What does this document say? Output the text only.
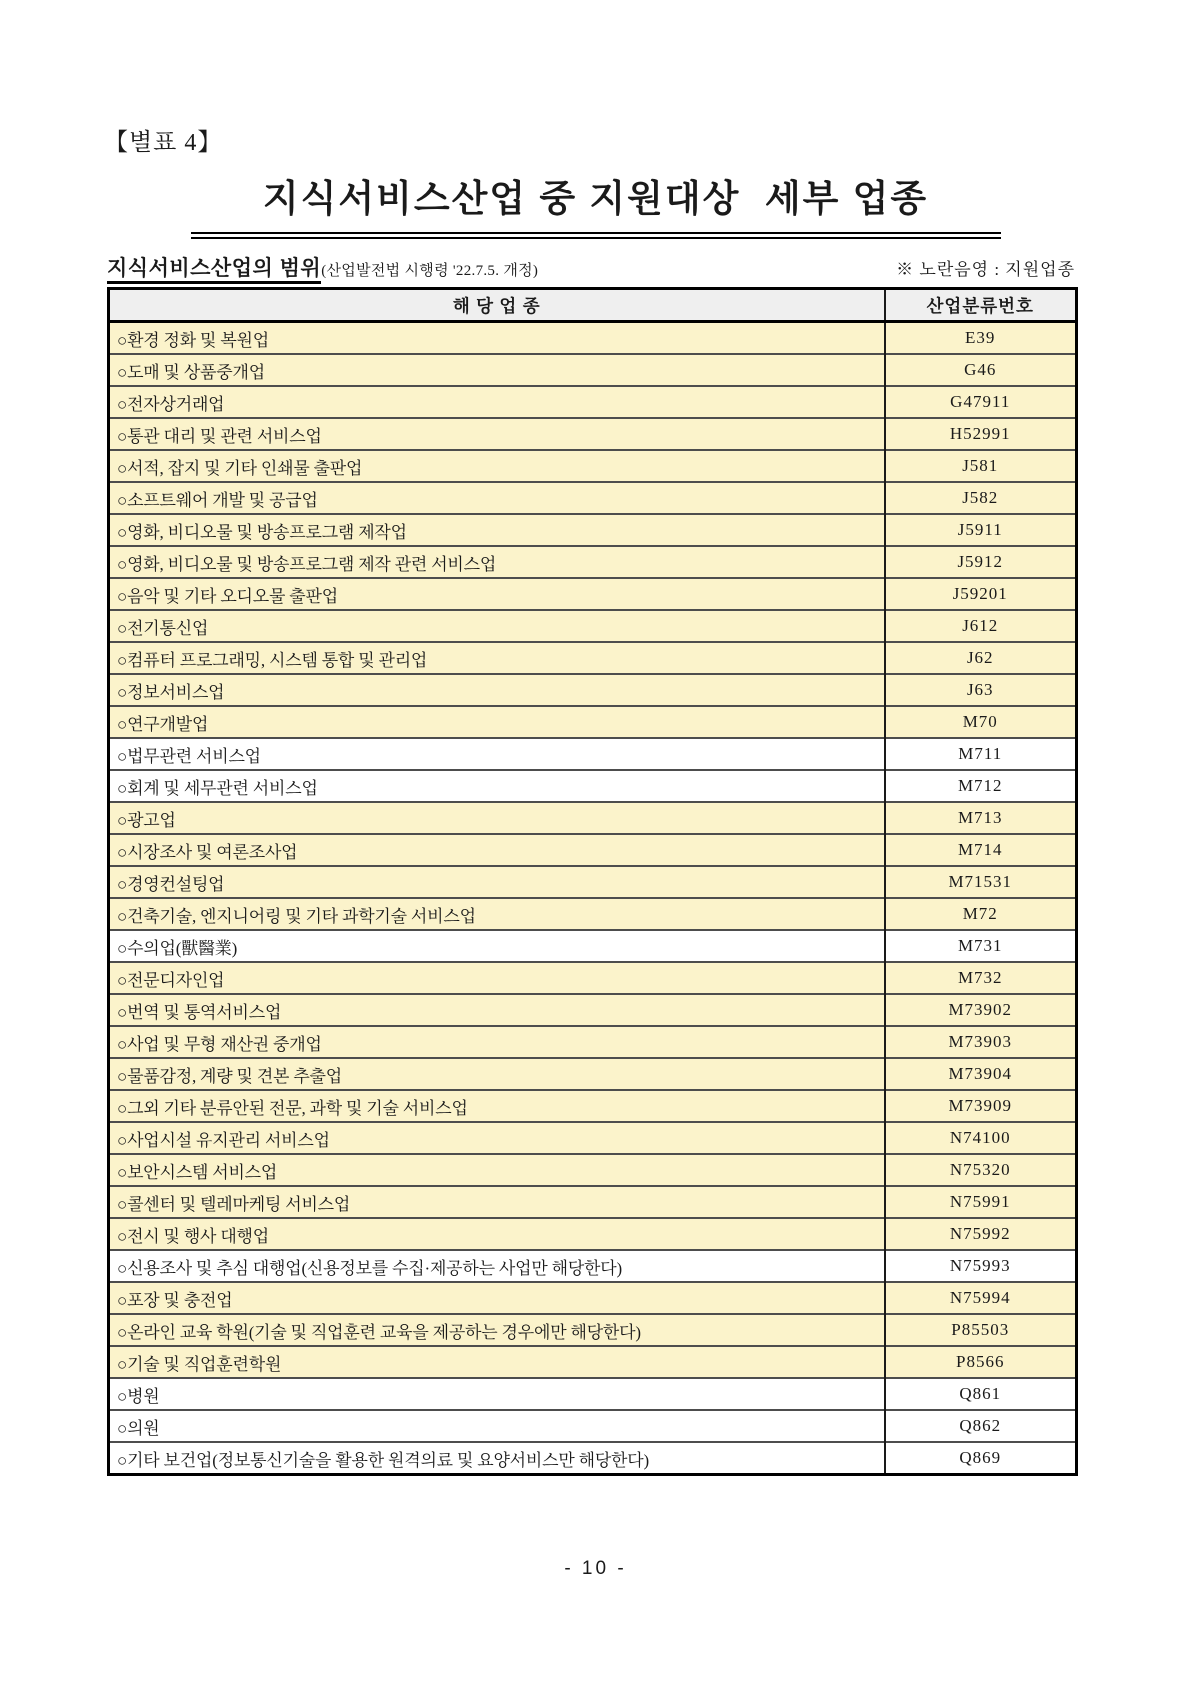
【별표 4】
지식서비스산업 중 지원대상  세부 업종
지식서비스산업의 범위(산업발전법 시행령 '22.7.5. 개정)	※ 노란음영 : 지원업종
해 당 업 종	산업분류번호
○환경 정화 및 복원업	E39
○도매 및 상품중개업	G46
○전자상거래업	G47911
○통관 대리 및 관련 서비스업	H52991
○서적, 잡지 및 기타 인쇄물 출판업	J581
○소프트웨어 개발 및 공급업	J582
○영화, 비디오물 및 방송프로그램 제작업	J5911
○영화, 비디오물 및 방송프로그램 제작 관련 서비스업	J5912
○음악 및 기타 오디오물 출판업	J59201
○전기통신업	J612
○컴퓨터 프로그래밍, 시스템 통합 및 관리업	J62
○정보서비스업	J63
○연구개발업	M70
○법무관련 서비스업	M711
○회계 및 세무관련 서비스업	M712
○광고업	M713
○시장조사 및 여론조사업	M714
○경영컨설팅업	M71531
○건축기술, 엔지니어링 및 기타 과학기술 서비스업	M72
○수의업(獸醫業)	M731
○전문디자인업	M732
○번역 및 통역서비스업	M73902
○사업 및 무형 재산권 중개업	M73903
○물품감정, 계량 및 견본 추출업	M73904
○그외 기타 분류안된 전문, 과학 및 기술 서비스업	M73909
○사업시설 유지관리 서비스업	N74100
○보안시스템 서비스업	N75320
○콜센터 및 텔레마케팅 서비스업	N75991
○전시 및 행사 대행업	N75992
○신용조사 및 추심 대행업(신용정보를 수집·제공하는 사업만 해당한다)	N75993
○포장 및 충전업	N75994
○온라인 교육 학원(기술 및 직업훈련 교육을 제공하는 경우에만 해당한다)	P85503
○기술 및 직업훈련학원	P8566
○병원	Q861
○의원	Q862
○기타 보건업(정보통신기술을 활용한 원격의료 및 요양서비스만 해당한다)	Q869
- 10 -
